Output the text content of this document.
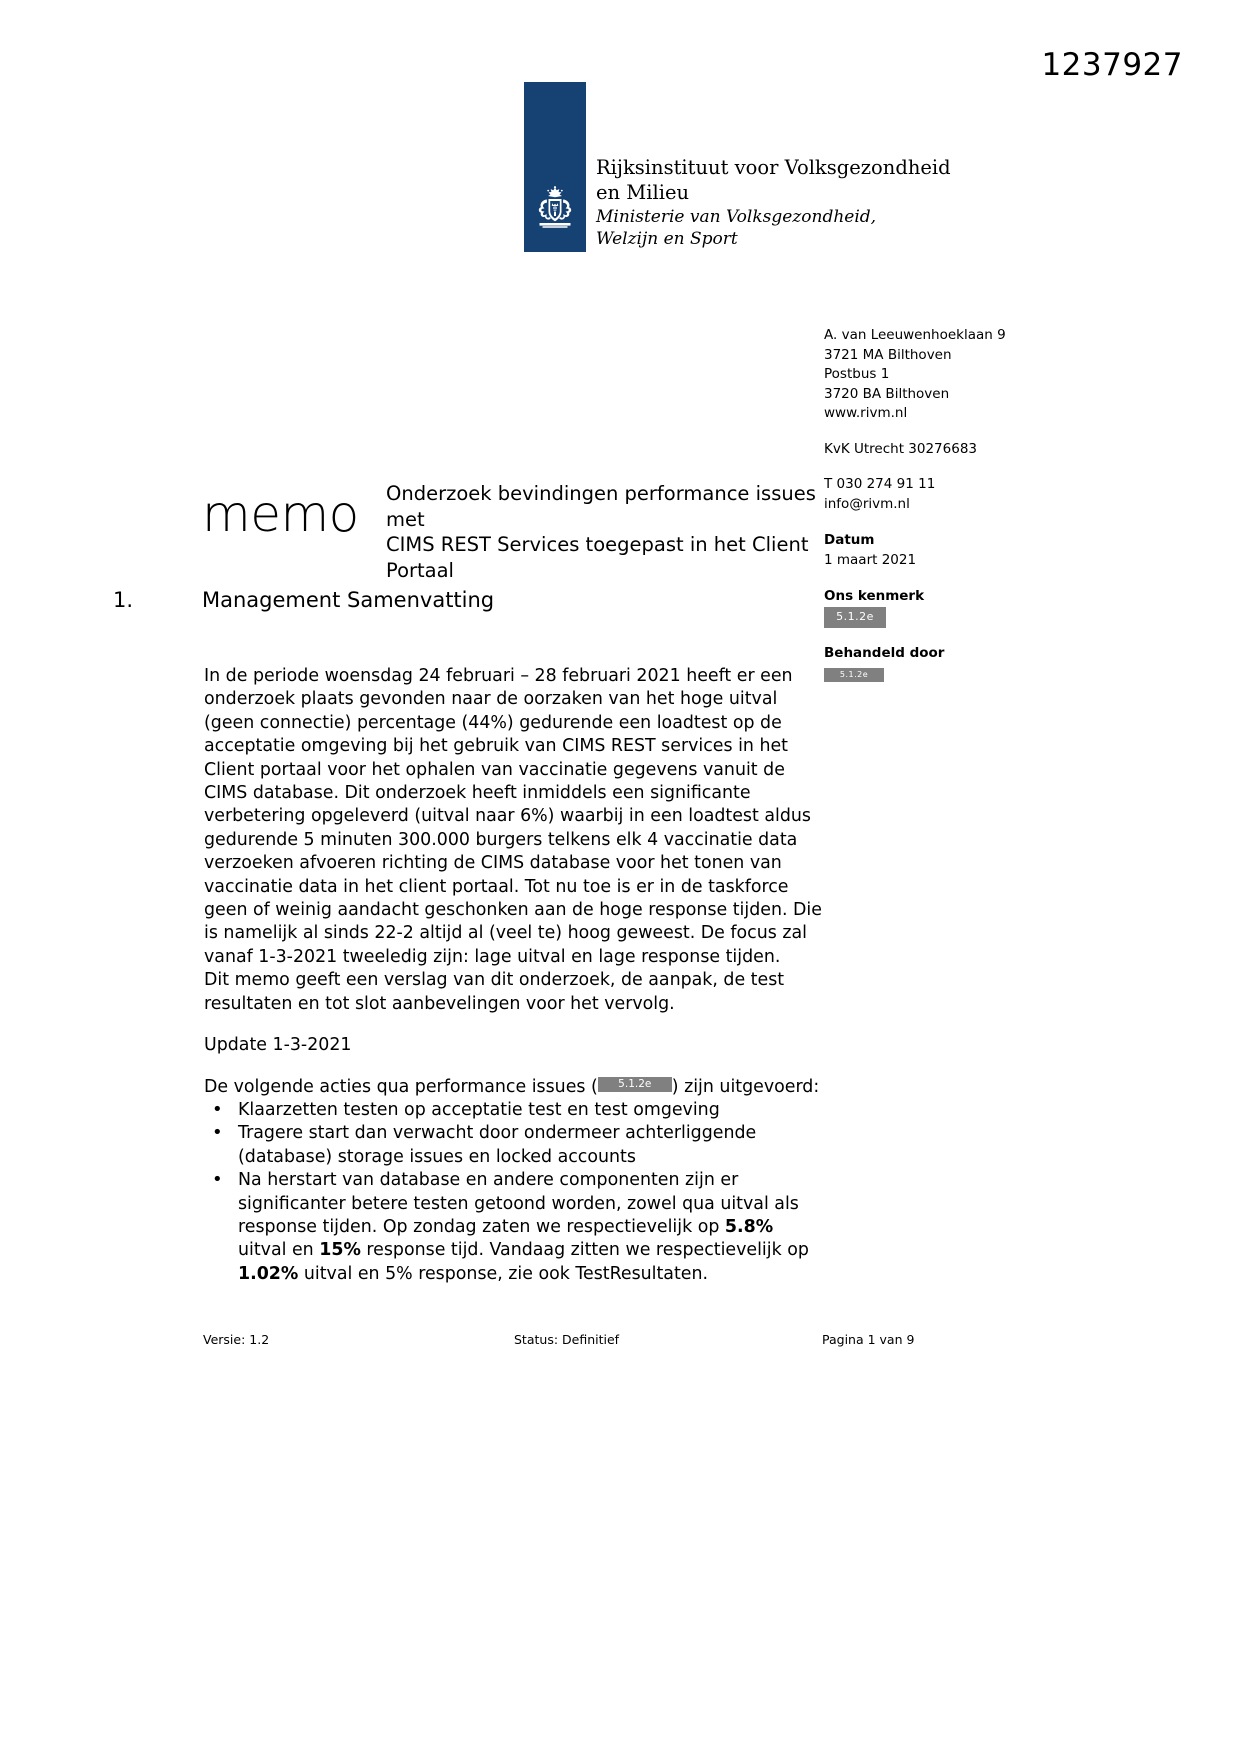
1237927
Rijksinstituut voor Volksgezondheid
en Milieu
Ministerie van Volksgezondheid,
Welzijn en Sport
A. van Leeuwenhoeklaan 9
3721 MA Bilthoven
Postbus 1
3720 BA Bilthoven
www.rivm.nl
KvK Utrecht 30276683
T 030 274 91 11
info@rivm.nl
Datum
1 maart 2021
Ons kenmerk
5.1.2e
Behandeld door
5.1.2e
memo Onderzoek bevindingen performance issues met
CIMS REST Services toegepast in het Client Portaal
1.	Management Samenvatting

In de periode woensdag 24 februari – 28 februari 2021 heeft er een onderzoek plaats gevonden naar de oorzaken van het hoge uitval (geen connectie) percentage (44%) gedurende een loadtest op de acceptatie omgeving bij het gebruik van CIMS REST services in het Client portaal voor het ophalen van vaccinatie gegevens vanuit de CIMS database. Dit onderzoek heeft inmiddels een significante verbetering opgeleverd (uitval naar 6%) waarbij in een loadtest aldus gedurende 5 minuten 300.000 burgers telkens elk 4 vaccinatie data verzoeken afvoeren richting de CIMS database voor het tonen van vaccinatie data in het client portaal. Tot nu toe is er in de taskforce geen of weinig aandacht geschonken aan de hoge response tijden. Die is namelijk al sinds 22-2 altijd al (veel te) hoog geweest. De focus zal vanaf 1-3-2021 tweeledig zijn: lage uitval en lage response tijden.

Dit memo geeft een verslag van dit onderzoek, de aanpak, de test resultaten en tot slot aanbevelingen voor het vervolg.

Update 1-3-2021

De volgende acties qua performance issues ( 5.1.2e ) zijn uitgevoerd:

• Klaarzetten testen op acceptatie test en test omgeving
• Tragere start dan verwacht door ondermeer achterliggende (database) storage issues en locked accounts
• Na herstart van database en andere componenten zijn er significanter betere testen getoond worden, zowel qua uitval als response tijden. Op zondag zaten we respectievelijk op 5.8% uitval en 15% response tijd. Vandaag zitten we respectievelijk op 1.02% uitval en 5% response, zie ook TestResultaten.
Versie: 1.2	Status: Definitief	Pagina 1 van 9
